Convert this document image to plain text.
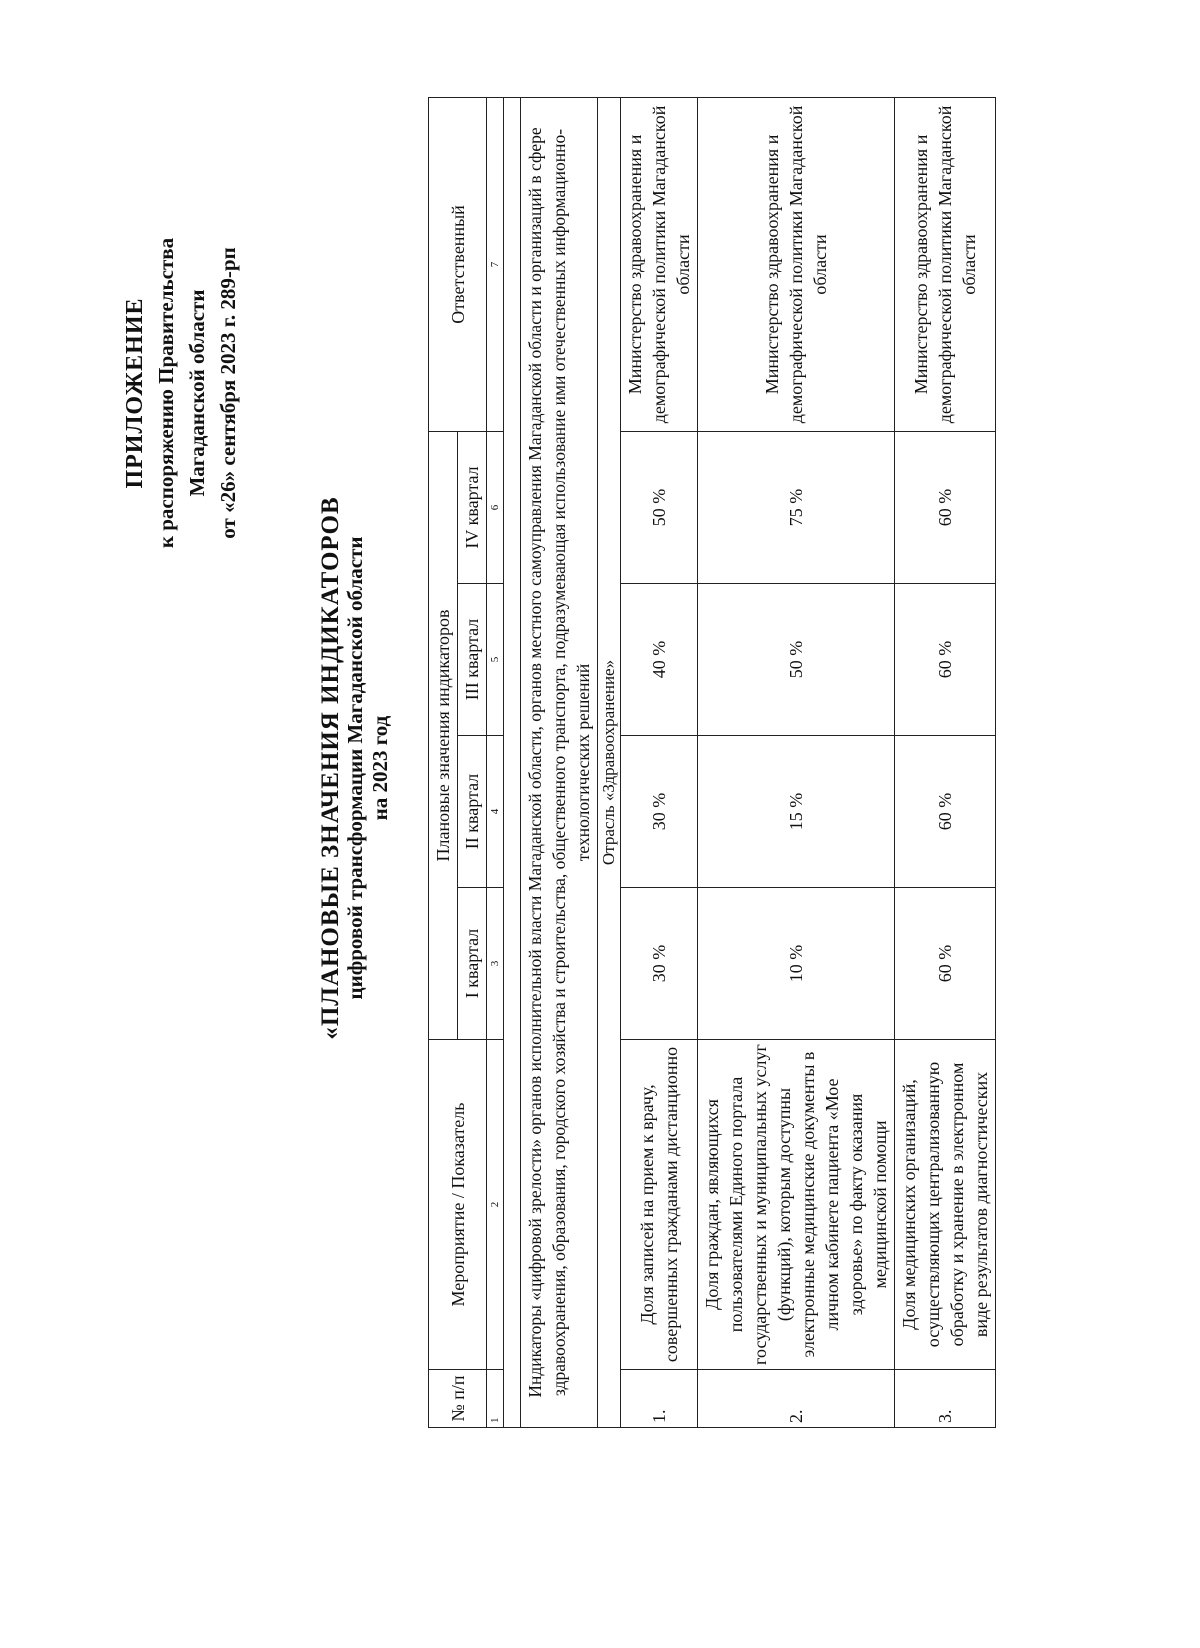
ПРИЛОЖЕНИЕ к распоряжению Правительства Магаданской области от «26» сентября 2023 г. 289-рп
«ПЛАНОВЫЕ ЗНАЧЕНИЯ ИНДИКАТОРОВ цифровой трансформации Магаданской области на 2023 год
№ п/п	Мероприятие / Показатель	Плановые значения индикаторов				Ответственный
		I квартал	II квартал	III квартал	IV квартал	
1	2	3	4	5	6	7

Индикаторы «цифровой зрелости» органов исполнительной власти Магаданской области, органов местного самоуправления Магаданской области и организаций в сфере здравоохранения, образования, городского хозяйства и строительства, общественного транспорта, подразумевающая использование ими отечественных информационно-технологических решений						
Отрасль «Здравоохранение»						
1.	Доля записей на прием к врачу, совершенных гражданами дистанционно	30 %	30 %	40 %	50 %	Министерство здравоохранения и демографической политики Магаданской области
2.	Доля граждан, являющихся пользователями Единого портала государственных и муниципальных услуг (функций), которым доступны электронные медицинские документы в личном кабинете пациента «Мое здоровье» по факту оказания медицинской помощи	10 %	15 %	50 %	75 %	Министерство здравоохранения и демографической политики Магаданской области
3.	Доля медицинских организаций, осуществляющих централизованную обработку и хранение в электронном виде результатов диагностических	60 %	60 %	60 %	60 %	Министерство здравоохранения и демографической политики Магаданской области
